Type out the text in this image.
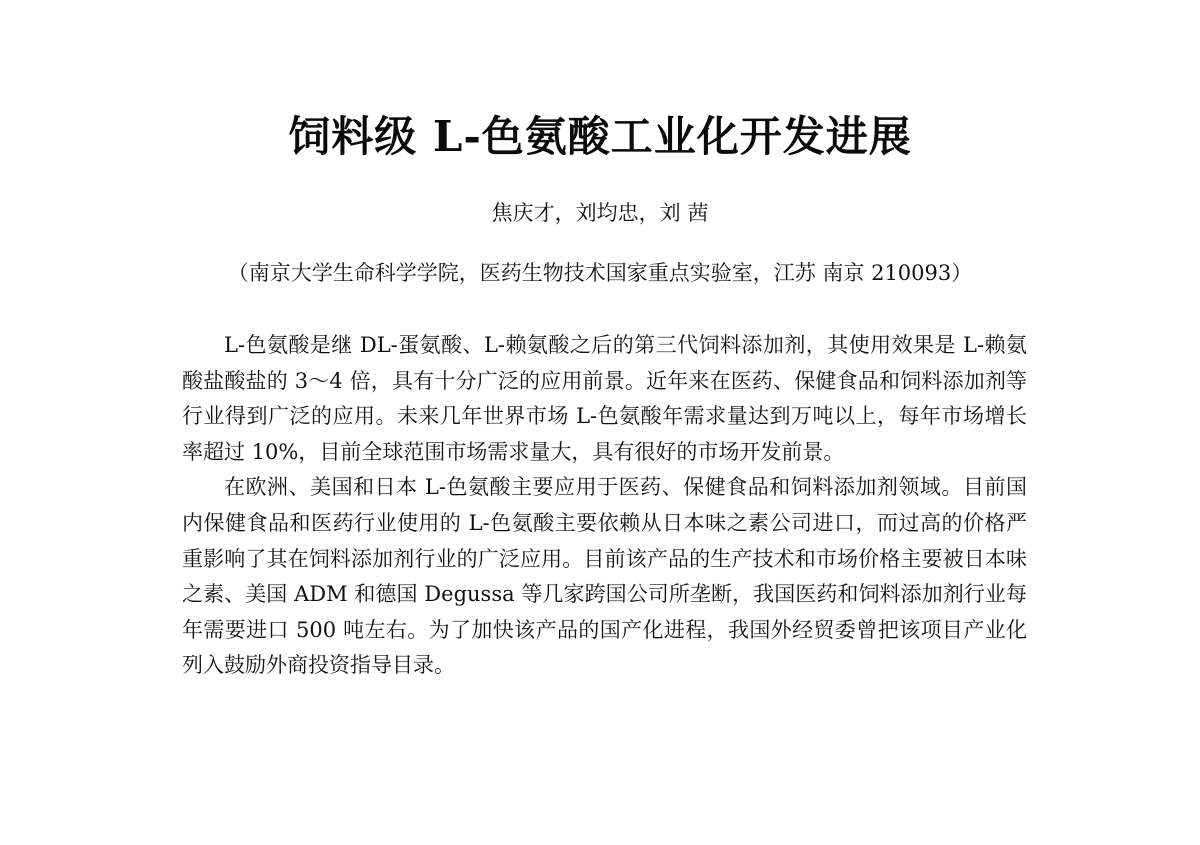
饲料级 L-色氨酸工业化开发进展
焦庆才，刘均忠，刘 茜
（南京大学生命科学学院，医药生物技术国家重点实验室，江苏 南京 210093）

L-色氨酸是继 DL-蛋氨酸、L-赖氨酸之后的第三代饲料添加剂，其使用效果是 L-赖氨酸盐酸盐的 3～4 倍，具有十分广泛的应用前景。近年来在医药、保健食品和饲料添加剂等行业得到广泛的应用。未来几年世界市场 L-色氨酸年需求量达到万吨以上，每年市场增长率超过 10%，目前全球范围市场需求量大，具有很好的市场开发前景。

在欧洲、美国和日本 L-色氨酸主要应用于医药、保健食品和饲料添加剂领域。目前国内保健食品和医药行业使用的 L-色氨酸主要依赖从日本味之素公司进口，而过高的价格严重影响了其在饲料添加剂行业的广泛应用。目前该产品的生产技术和市场价格主要被日本味之素、美国 ADM 和德国 Degussa 等几家跨国公司所垄断，我国医药和饲料添加剂行业每年需要进口 500 吨左右。为了加快该产品的国产化进程，我国外经贸委曾把该项目产业化列入鼓励外商投资指导目录。
